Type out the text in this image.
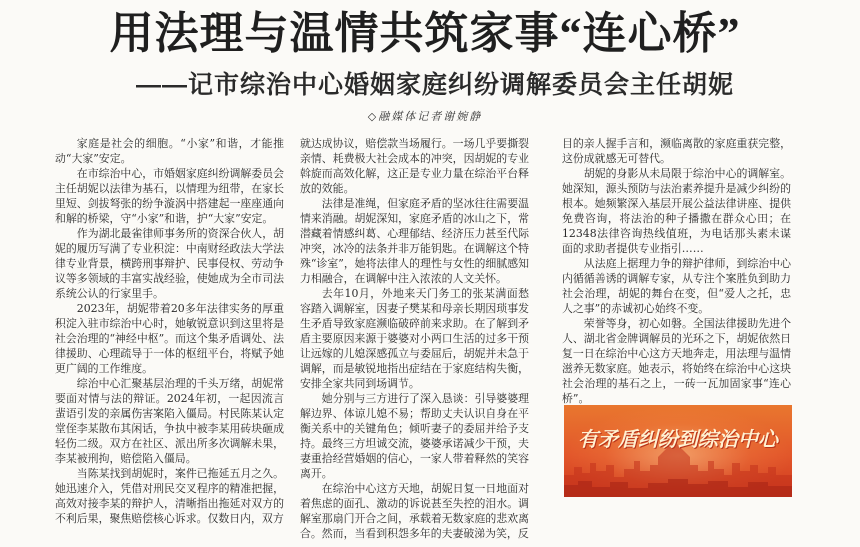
用法理与温情共筑家事“连心桥”
——记市综治中心婚姻家庭纠纷调解委员会主任胡妮
◇融媒体记者谢婉静

家庭是社会的细胞。“小家”和谐，才能推动“大家”安定。

在市综治中心，市婚姻家庭纠纷调解委员会主任胡妮以法律为基石，以情理为纽带，在家长里短、剑拔弩张的纷争漩涡中搭建起一座座通向和解的桥梁，守“小家”和谐，护“大家”安定。

作为湖北最雀律师事务所的资深合伙人，胡妮的履历写满了专业积淀：中南财经政法大学法律专业背景，横跨刑事辩护、民事侵权、劳动争议等多领域的丰富实战经验，使她成为全市司法系统公认的行家里手。

2023年，胡妮带着20多年法律实务的厚重积淀入驻市综治中心时，她敏锐意识到这里将是社会治理的“神经中枢”。而这个集矛盾调处、法律援助、心理疏导于一体的枢纽平台，将赋予她更广阔的工作维度。

综治中心汇聚基层治理的千头万绪，胡妮常要面对情与法的辩证。2024年初，一起因流言蜚语引发的亲属伤害案陷入僵局。村民陈某认定堂侄李某散布其闲话，争执中被李某用砖块砸成轻伤二级。双方在社区、派出所多次调解未果，李某被刑拘，赔偿陷入僵局。

当陈某找到胡妮时，案件已拖延五月之久。她迅速介入，凭借对刑民交叉程序的精准把握，高效对接李某的辩护人，清晰指出拖延对双方的不利后果，聚焦赔偿核心诉求。仅数日内，双方

就达成协议，赔偿款当场履行。一场几乎要撕裂亲情、耗费极大社会成本的冲突，因胡妮的专业斡旋而高效化解，这正是专业力量在综治平台释放的效能。

法律是准绳，但家庭矛盾的坚冰往往需要温情来消融。胡妮深知，家庭矛盾的冰山之下，常潜藏着情感纠葛、心理郁结、经济压力甚至代际冲突，冰冷的法条并非万能钥匙。在调解这个特殊“诊室”，她将法律人的理性与女性的细腻感知力相融合，在调解中注入浓浓的人文关怀。

去年10月，外地来天门务工的张某满面愁容踏入调解室，因妻子樊某和母亲长期因琐事发生矛盾导致家庭濒临破碎前来求助。在了解到矛盾主要原因来源于婆婆对小两口生活的过多干预让远嫁的儿媳深感孤立与委屈后，胡妮并未急于调解，而是敏锐地指出症结在于家庭结构失衡，安排全家共同到场调节。

她分别与三方进行了深入恳谈：引导婆婆理解边界、体谅儿媳不易；帮助丈夫认识自身在平衡关系中的关键角色；倾听妻子的委屈并给予支持。最终三方坦诚交流，婆婆承诺减少干预，夫妻重拾经营婚姻的信心，一家人带着释然的笑容离开。

在综治中心这方天地，胡妮日复一日地面对着焦虑的面孔、激动的诉说甚至失控的泪水。调解室那扇门开合之间，承载着无数家庭的悲欢离合。然而，当看到积怨多年的夫妻破涕为笑，反

目的亲人握手言和，濒临离散的家庭重获完整，这份成就感无可替代。

胡妮的身影从未局限于综治中心的调解室。她深知，源头预防与法治素养提升是减少纠纷的根本。她频繁深入基层开展公益法律讲座、提供免费咨询，将法治的种子播撒在群众心田；在12348法律咨询热线值班，为电话那头素未谋面的求助者提供专业指引……

从法庭上据理力争的辩护律师，到综治中心内循循善诱的调解专家，从专注个案胜负到助力社会治理，胡妮的舞台在变，但“爱人之托，忠人之事”的赤诚初心始终不变。

荣誉等身，初心如磐。全国法律援助先进个人、湖北省金牌调解员的光环之下，胡妮依然日复一日在综治中心这方天地奔走，用法理与温情滋养无数家庭。她表示，将始终在综治中心这块社会治理的基石之上，一砖一瓦加固家事“连心桥”。

有矛盾纠纷到综治中心
